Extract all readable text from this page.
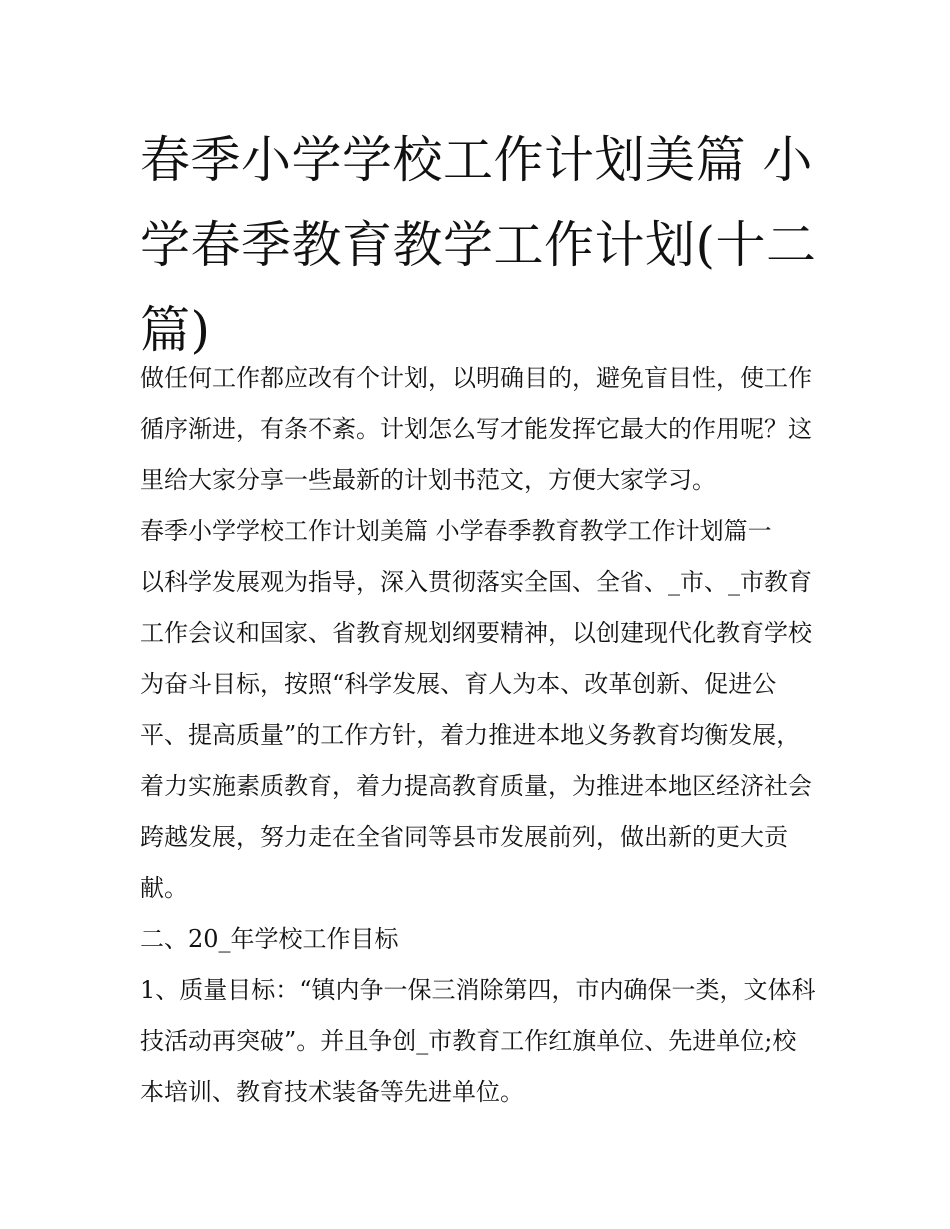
春季小学学校工作计划美篇 小学春季教育教学工作计划(十二篇)

做任何工作都应改有个计划，以明确目的，避免盲目性，使工作循序渐进，有条不紊。计划怎么写才能发挥它最大的作用呢？这里给大家分享一些最新的计划书范文，方便大家学习。

春季小学学校工作计划美篇 小学春季教育教学工作计划篇一

以科学发展观为指导，深入贯彻落实全国、全省、_市、_市教育工作会议和国家、省教育规划纲要精神，以创建现代化教育学校为奋斗目标，按照“科学发展、育人为本、改革创新、促进公平、提高质量”的工作方针，着力推进本地义务教育均衡发展，着力实施素质教育，着力提高教育质量，为推进本地区经济社会跨越发展，努力走在全省同等县市发展前列，做出新的更大贡献。

二、20_年学校工作目标

1、质量目标：“镇内争一保三消除第四，市内确保一类，文体科技活动再突破”。并且争创_市教育工作红旗单位、先进单位;校本培训、教育技术装备等先进单位。
